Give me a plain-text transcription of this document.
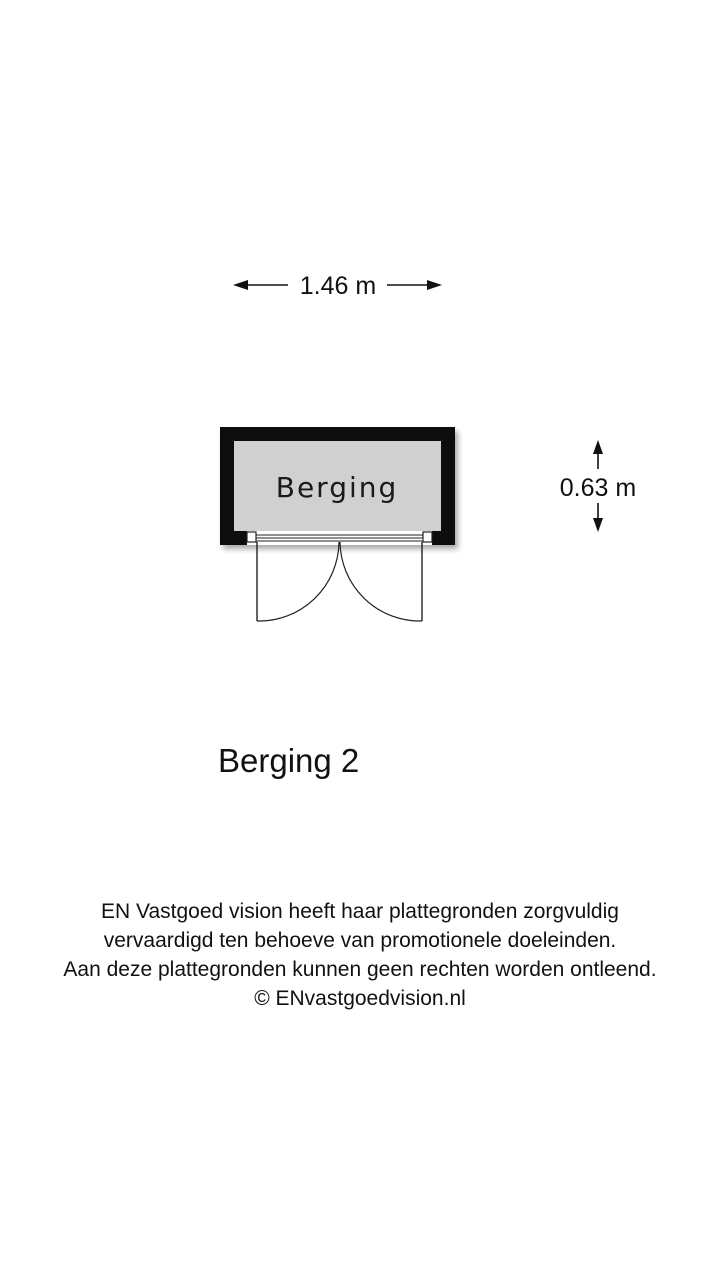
1.46 m
0.63 m
Berging
Berging 2
EN Vastgoed vision heeft haar plattegronden zorgvuldig
vervaardigd ten behoeve van promotionele doeleinden.
Aan deze plattegronden kunnen geen rechten worden ontleend.
© ENvastgoedvision.nl
